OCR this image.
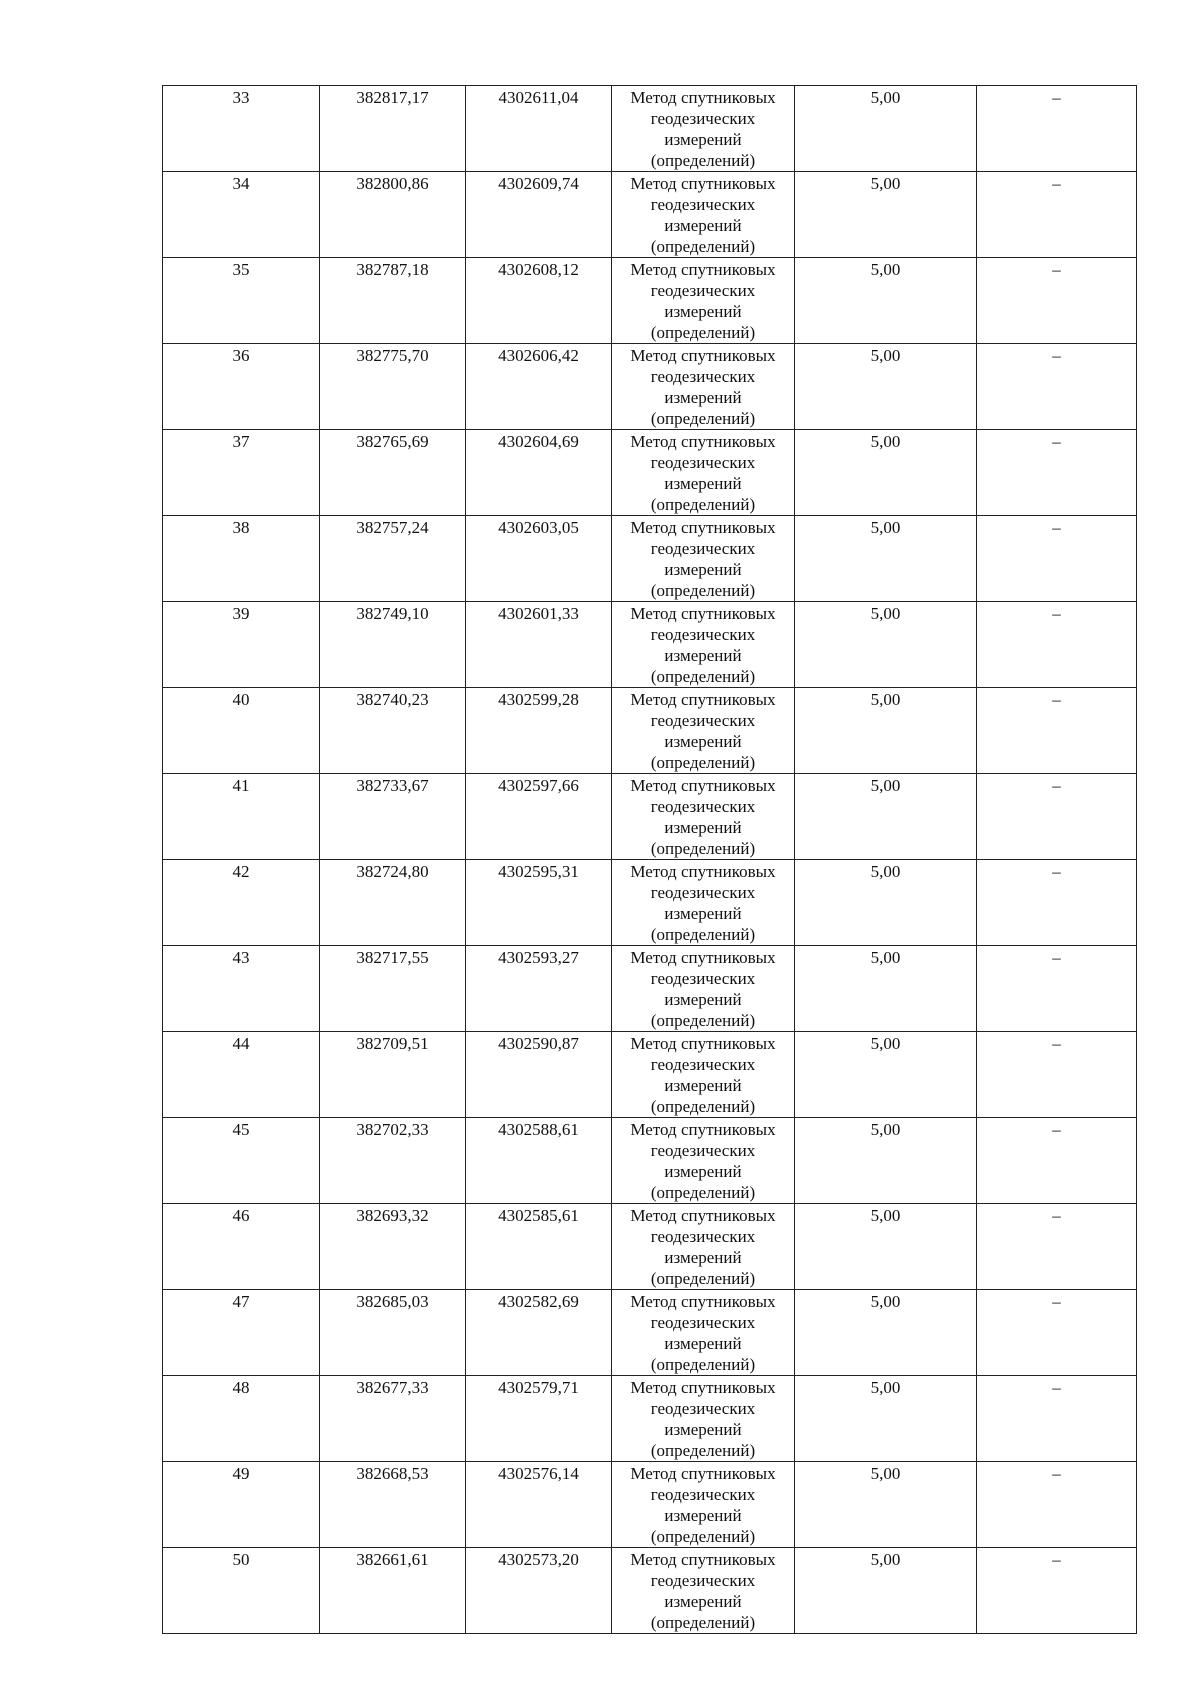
33	382817,17	4302611,04	Метод спутниковых
геодезических
измерений
(определений)	5,00	–
34	382800,86	4302609,74	Метод спутниковых
геодезических
измерений
(определений)	5,00	–
35	382787,18	4302608,12	Метод спутниковых
геодезических
измерений
(определений)	5,00	–
36	382775,70	4302606,42	Метод спутниковых
геодезических
измерений
(определений)	5,00	–
37	382765,69	4302604,69	Метод спутниковых
геодезических
измерений
(определений)	5,00	–
38	382757,24	4302603,05	Метод спутниковых
геодезических
измерений
(определений)	5,00	–
39	382749,10	4302601,33	Метод спутниковых
геодезических
измерений
(определений)	5,00	–
40	382740,23	4302599,28	Метод спутниковых
геодезических
измерений
(определений)	5,00	–
41	382733,67	4302597,66	Метод спутниковых
геодезических
измерений
(определений)	5,00	–
42	382724,80	4302595,31	Метод спутниковых
геодезических
измерений
(определений)	5,00	–
43	382717,55	4302593,27	Метод спутниковых
геодезических
измерений
(определений)	5,00	–
44	382709,51	4302590,87	Метод спутниковых
геодезических
измерений
(определений)	5,00	–
45	382702,33	4302588,61	Метод спутниковых
геодезических
измерений
(определений)	5,00	–
46	382693,32	4302585,61	Метод спутниковых
геодезических
измерений
(определений)	5,00	–
47	382685,03	4302582,69	Метод спутниковых
геодезических
измерений
(определений)	5,00	–
48	382677,33	4302579,71	Метод спутниковых
геодезических
измерений
(определений)	5,00	–
49	382668,53	4302576,14	Метод спутниковых
геодезических
измерений
(определений)	5,00	–
50	382661,61	4302573,20	Метод спутниковых
геодезических
измерений
(определений)	5,00	–
